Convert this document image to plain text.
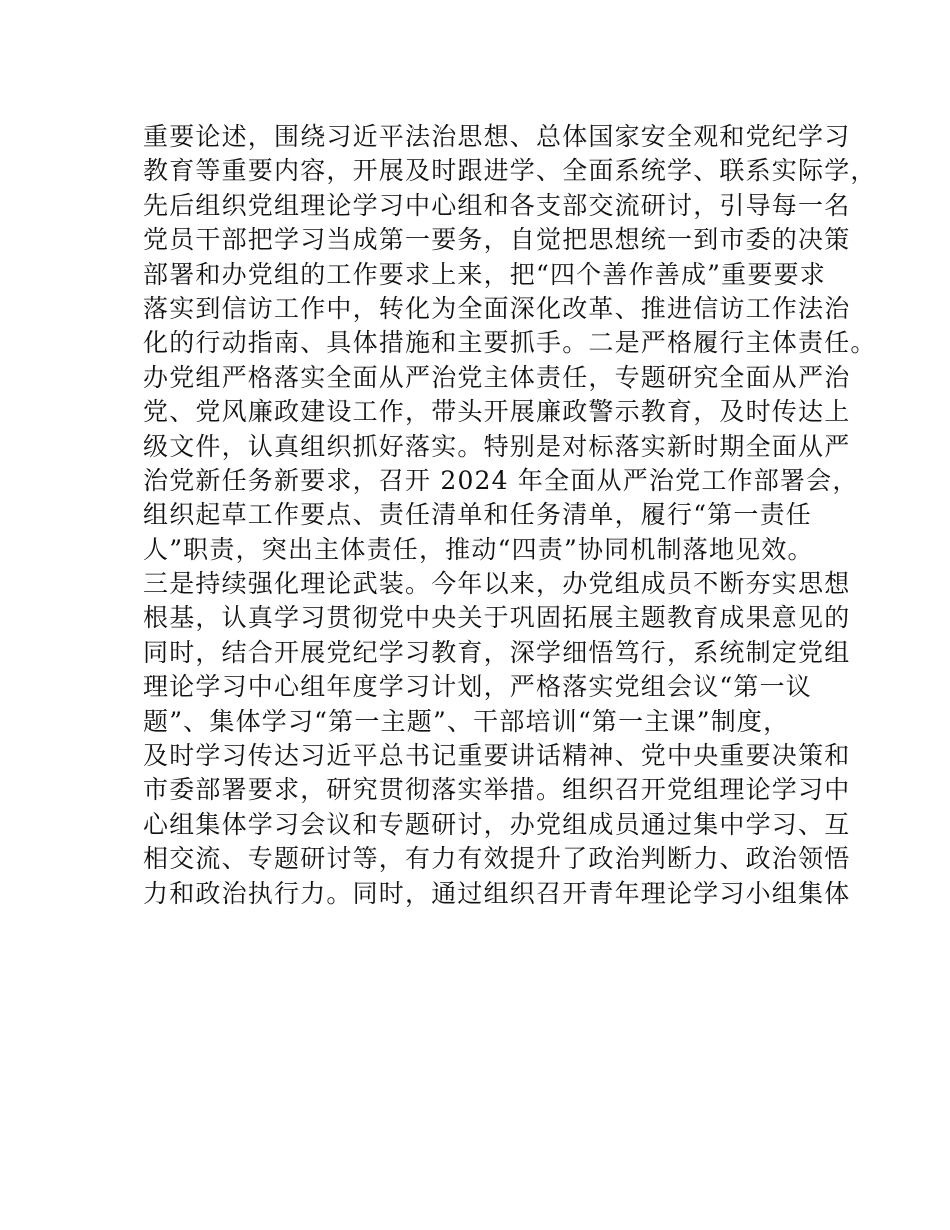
重要论述，围绕习近平法治思想、总体国家安全观和党纪学习
教育等重要内容，开展及时跟进学、全面系统学、联系实际学，
先后组织党组理论学习中心组和各支部交流研讨，引导每一名
党员干部把学习当成第一要务，自觉把思想统一到市委的决策
部署和办党组的工作要求上来，把“四个善作善成”重要要求
落实到信访工作中，转化为全面深化改革、推进信访工作法治
化的行动指南、具体措施和主要抓手。二是严格履行主体责任。
办党组严格落实全面从严治党主体责任，专题研究全面从严治
党、党风廉政建设工作，带头开展廉政警示教育，及时传达上
级文件，认真组织抓好落实。特别是对标落实新时期全面从严
治党新任务新要求，召开 2024 年全面从严治党工作部署会，
组织起草工作要点、责任清单和任务清单，履行“第一责任
人”职责，突出主体责任，推动“四责”协同机制落地见效。
三是持续强化理论武装。今年以来，办党组成员不断夯实思想
根基，认真学习贯彻党中央关于巩固拓展主题教育成果意见的
同时，结合开展党纪学习教育，深学细悟笃行，系统制定党组
理论学习中心组年度学习计划，严格落实党组会议“第一议
题”、集体学习“第一主题”、干部培训“第一主课”制度，
及时学习传达习近平总书记重要讲话精神、党中央重要决策和
市委部署要求，研究贯彻落实举措。组织召开党组理论学习中
心组集体学习会议和专题研讨，办党组成员通过集中学习、互
相交流、专题研讨等，有力有效提升了政治判断力、政治领悟
力和政治执行力。同时，通过组织召开青年理论学习小组集体
